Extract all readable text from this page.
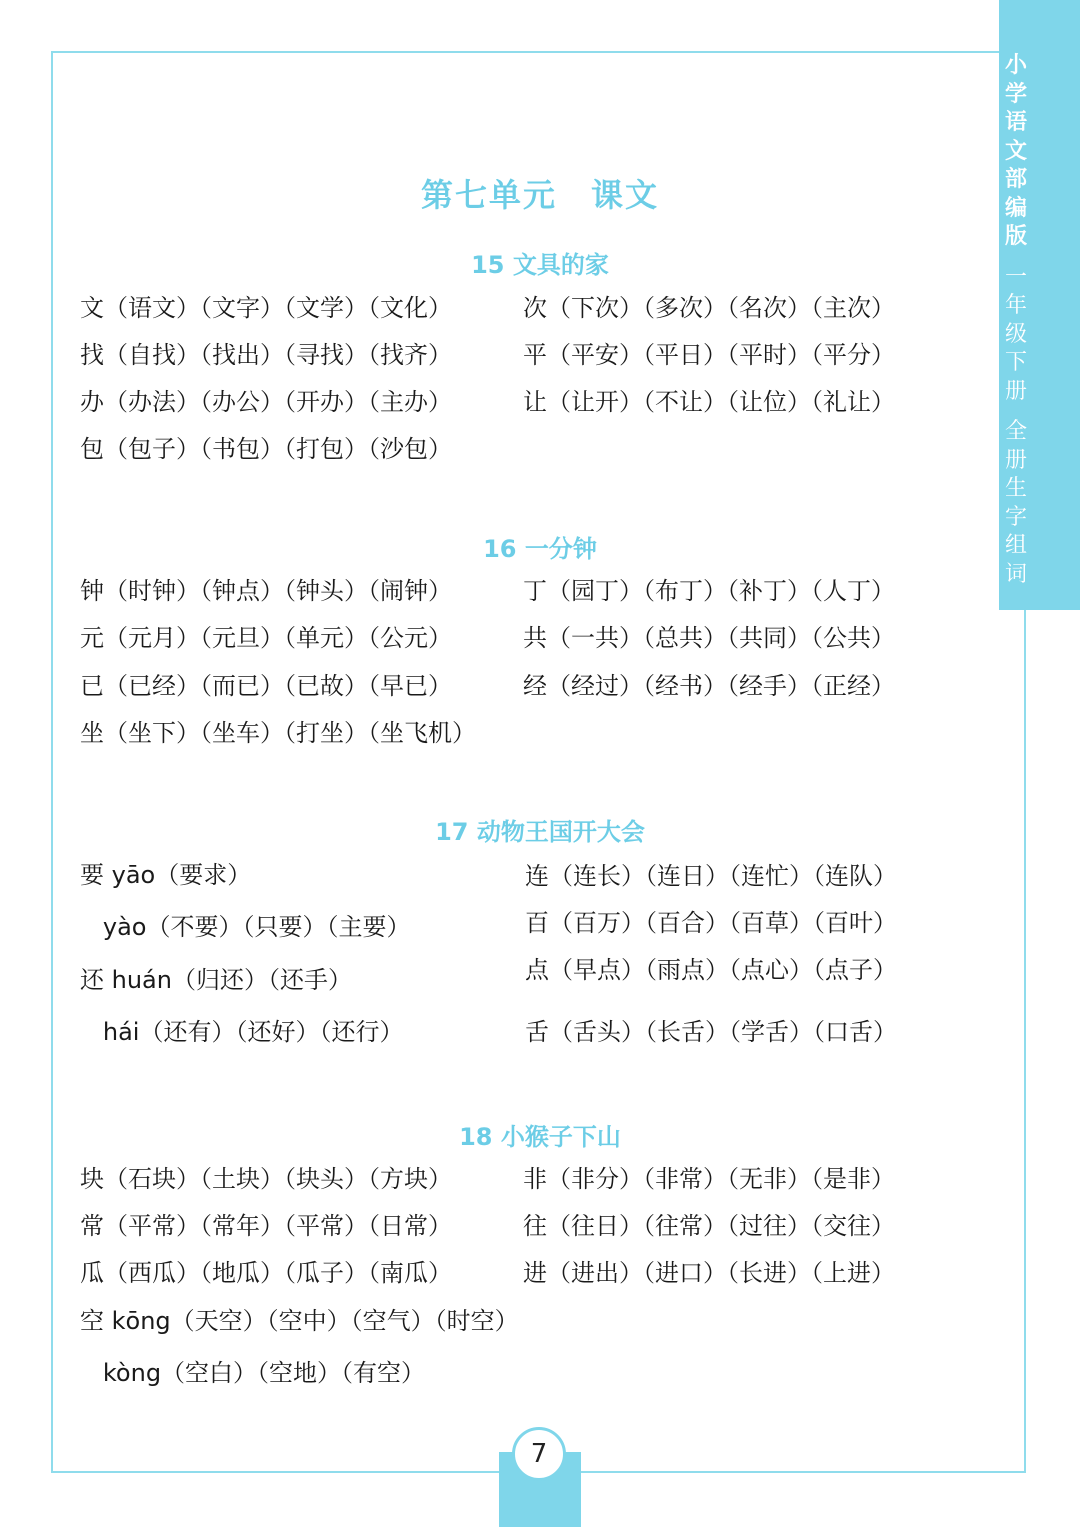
小
学
语
文
部
编
版
一
年
级
下
册
全
册
生
字
组
词
第七单元　课文
15 文具的家
文（语文）（文字）（文学）（文化）	次（下次）（多次）（名次）（主次）
找（自找）（找出）（寻找）（找齐）	平（平安）（平日）（平时）（平分）
办（办法）（办公）（开办）（主办）	让（让开）（不让）（让位）（礼让）
包（包子）（书包）（打包）（沙包）
16 一分钟
钟（时钟）（钟点）（钟头）（闹钟）	丁（园丁）（布丁）（补丁）（人丁）
元（元月）（元旦）（单元）（公元）	共（一共）（总共）（共同）（公共）
已（已经）（而已）（已故）（早已）	经（经过）（经书）（经手）（正经）
坐（坐下）（坐车）（打坐）（坐飞机）
17 动物王国开大会
要 yāo（要求）	连（连长）（连日）（连忙）（连队）
yào（不要）（只要）（主要）	百（百万）（百合）（百草）（百叶）
还 huán（归还）（还手）	点（早点）（雨点）（点心）（点子）
hái（还有）（还好）（还行）	舌（舌头）（长舌）（学舌）（口舌）
18 小猴子下山
块（石块）（土块）（块头）（方块）	非（非分）（非常）（无非）（是非）
常（平常）（常年）（平常）（日常）	往（往日）（往常）（过往）（交往）
瓜（西瓜）（地瓜）（瓜子）（南瓜）	进（进出）（进口）（长进）（上进）
空 kōng（天空）（空中）（空气）（时空）
kòng（空白）（空地）（有空）
7
